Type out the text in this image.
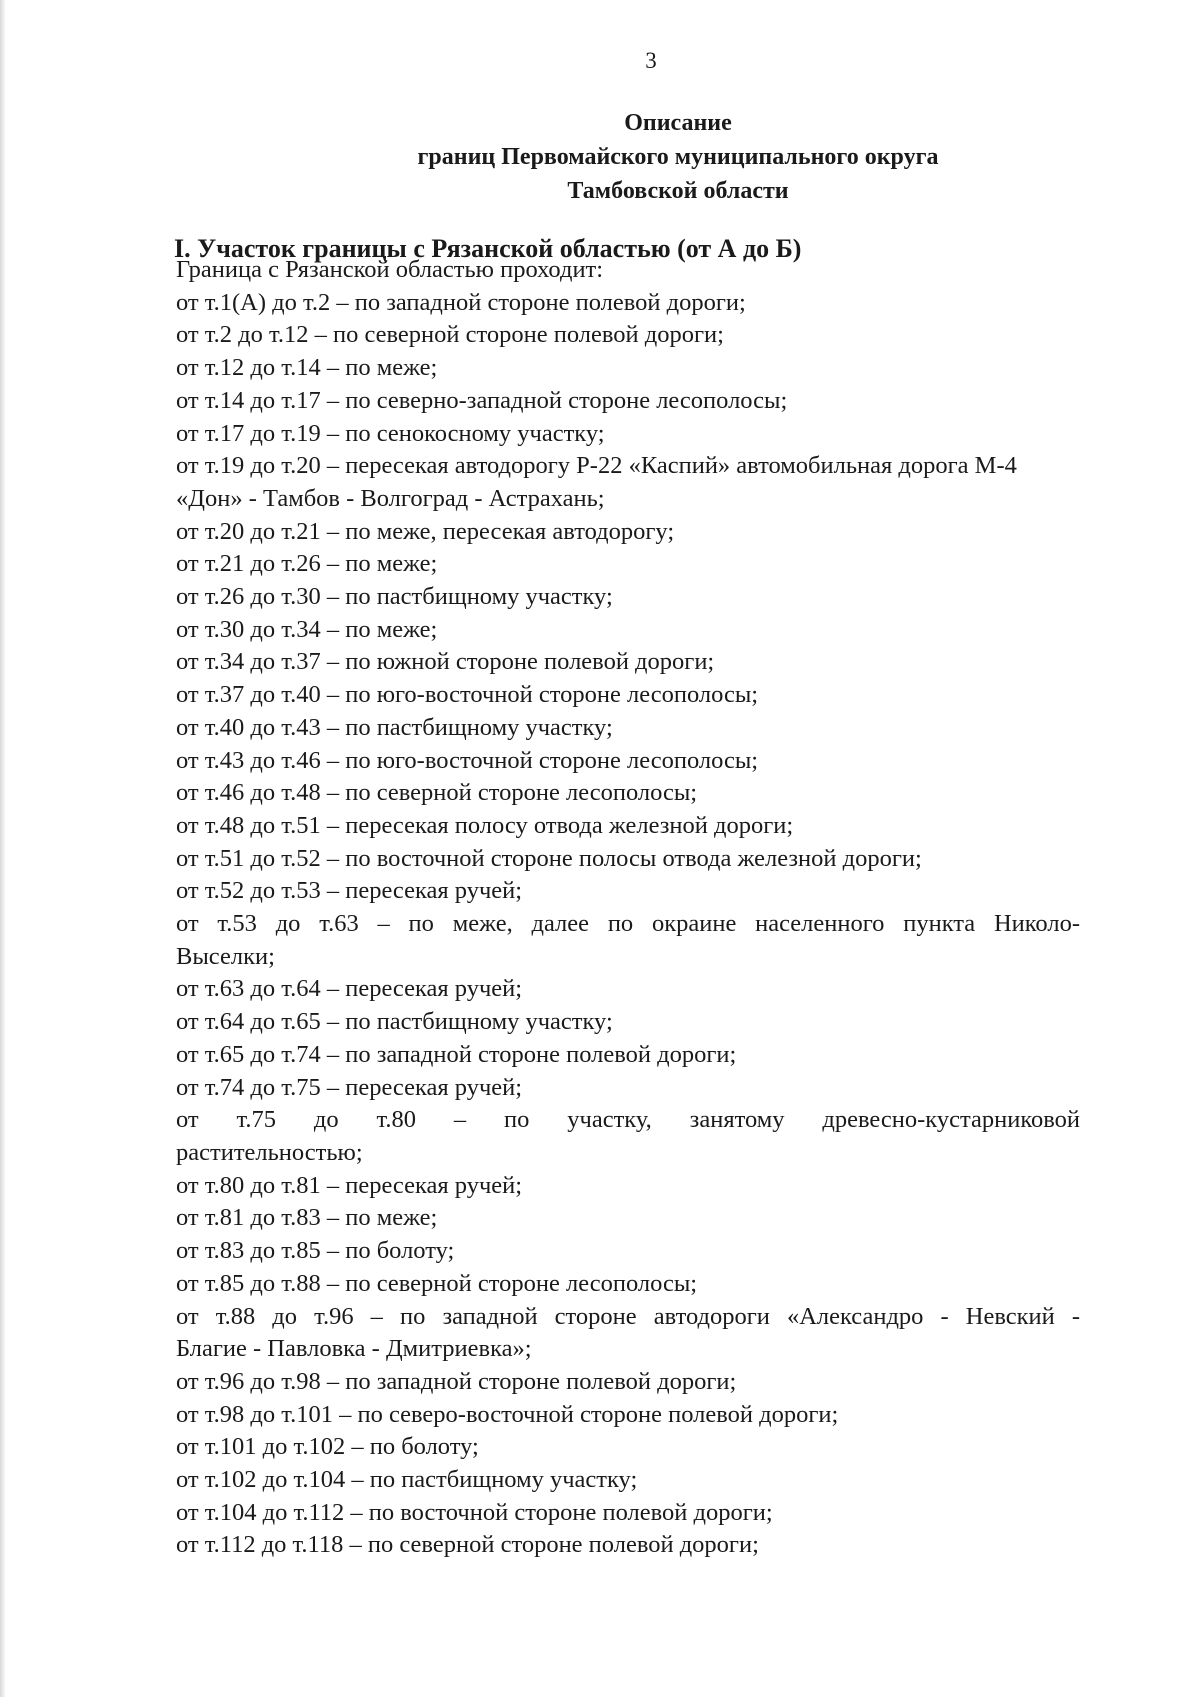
3

Описание
границ Первомайского муниципального округа
Тамбовской области

I. Участок границы с Рязанской областью (от А до Б)

Граница с Рязанской областью проходит:
от т.1(А) до т.2 – по западной стороне полевой дороги;
от т.2 до т.12 – по северной стороне полевой дороги;
от т.12 до т.14 – по меже;
от т.14 до т.17 – по северно-западной стороне лесополосы;
от т.17 до т.19 – по сенокосному участку;
от т.19 до т.20 – пересекая автодорогу Р-22 «Каспий» автомобильная дорога М-4
«Дон» - Тамбов - Волгоград - Астрахань;
от т.20 до т.21 – по меже, пересекая автодорогу;
от т.21 до т.26 – по меже;
от т.26 до т.30 – по пастбищному участку;
от т.30 до т.34 – по меже;
от т.34 до т.37 – по южной стороне полевой дороги;
от т.37 до т.40 – по юго-восточной стороне лесополосы;
от т.40 до т.43 – по пастбищному участку;
от т.43 до т.46 – по юго-восточной стороне лесополосы;
от т.46 до т.48 – по северной стороне лесополосы;
от т.48 до т.51 – пересекая полосу отвода железной дороги;
от т.51 до т.52 – по восточной стороне полосы отвода железной дороги;
от т.52 до т.53 – пересекая ручей;
от т.53 до т.63 – по меже, далее по окраине населенного пункта Николо-
Выселки;
от т.63 до т.64 – пересекая ручей;
от т.64 до т.65 – по пастбищному участку;
от т.65 до т.74 – по западной стороне полевой дороги;
от т.74 до т.75 – пересекая ручей;
от т.75 до т.80 – по участку, занятому древесно-кустарниковой
растительностью;
от т.80 до т.81 – пересекая ручей;
от т.81 до т.83 – по меже;
от т.83 до т.85 – по болоту;
от т.85 до т.88 – по северной стороне лесополосы;
от т.88 до т.96 – по западной стороне автодороги «Александро - Невский -
Благие - Павловка - Дмитриевка»;
от т.96 до т.98 – по западной стороне полевой дороги;
от т.98 до т.101 – по северо-восточной стороне полевой дороги;
от т.101 до т.102 – по болоту;
от т.102 до т.104 – по пастбищному участку;
от т.104 до т.112 – по восточной стороне полевой дороги;
от т.112 до т.118 – по северной стороне полевой дороги;
